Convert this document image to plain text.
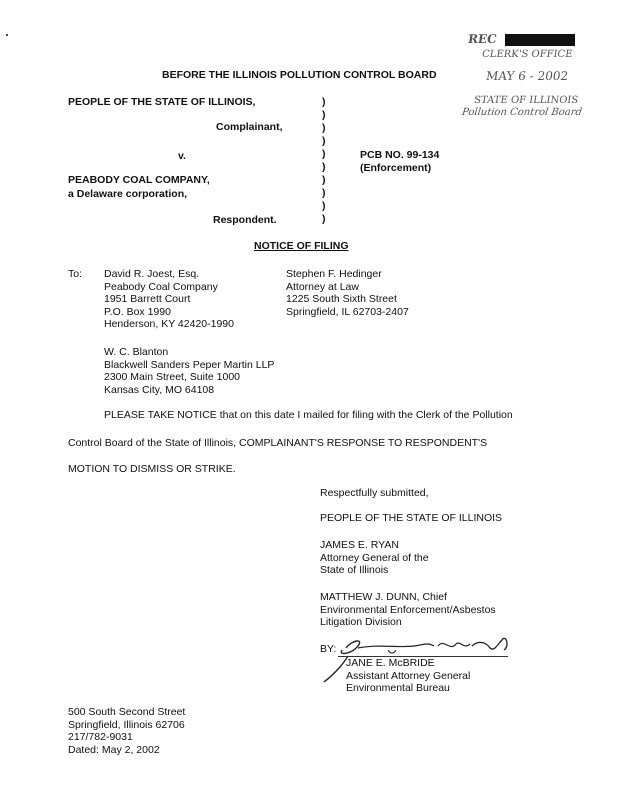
REC
CLERK'S OFFICE
MAY 6 - 2002
STATE OF ILLINOIS
Pollution Control Board
BEFORE THE ILLINOIS POLLUTION CONTROL BOARD
PEOPLE OF THE STATE OF ILLINOIS,
Complainant,
v.
PEABODY COAL COMPANY,
a Delaware corporation,
Respondent.
)
)
)
)
)
)
)
)
)
)
PCB NO. 99-134
(Enforcement)
NOTICE OF FILING
To: David R. Joest, Esq.
Peabody Coal Company
1951 Barrett Court
P.O. Box 1990
Henderson, KY 42420-1990
Stephen F. Hedinger
Attorney at Law
1225 South Sixth Street
Springfield, IL 62703-2407
W. C. Blanton
Blackwell Sanders Peper Martin LLP
2300 Main Street, Suite 1000
Kansas City, MO 64108
PLEASE TAKE NOTICE that on this date I mailed for filing with the Clerk of the Pollution
Control Board of the State of Illinois, COMPLAINANT'S RESPONSE TO RESPONDENT'S
MOTION TO DISMISS OR STRIKE.
Respectfully submitted,
PEOPLE OF THE STATE OF ILLINOIS
JAMES E. RYAN
Attorney General of the
State of Illinois
MATTHEW J. DUNN, Chief
Environmental Enforcement/Asbestos
Litigation Division
BY:
JANE E. McBRIDE
Assistant Attorney General
Environmental Bureau
500 South Second Street
Springfield, Illinois 62706
217/782-9031
Dated: May 2, 2002
